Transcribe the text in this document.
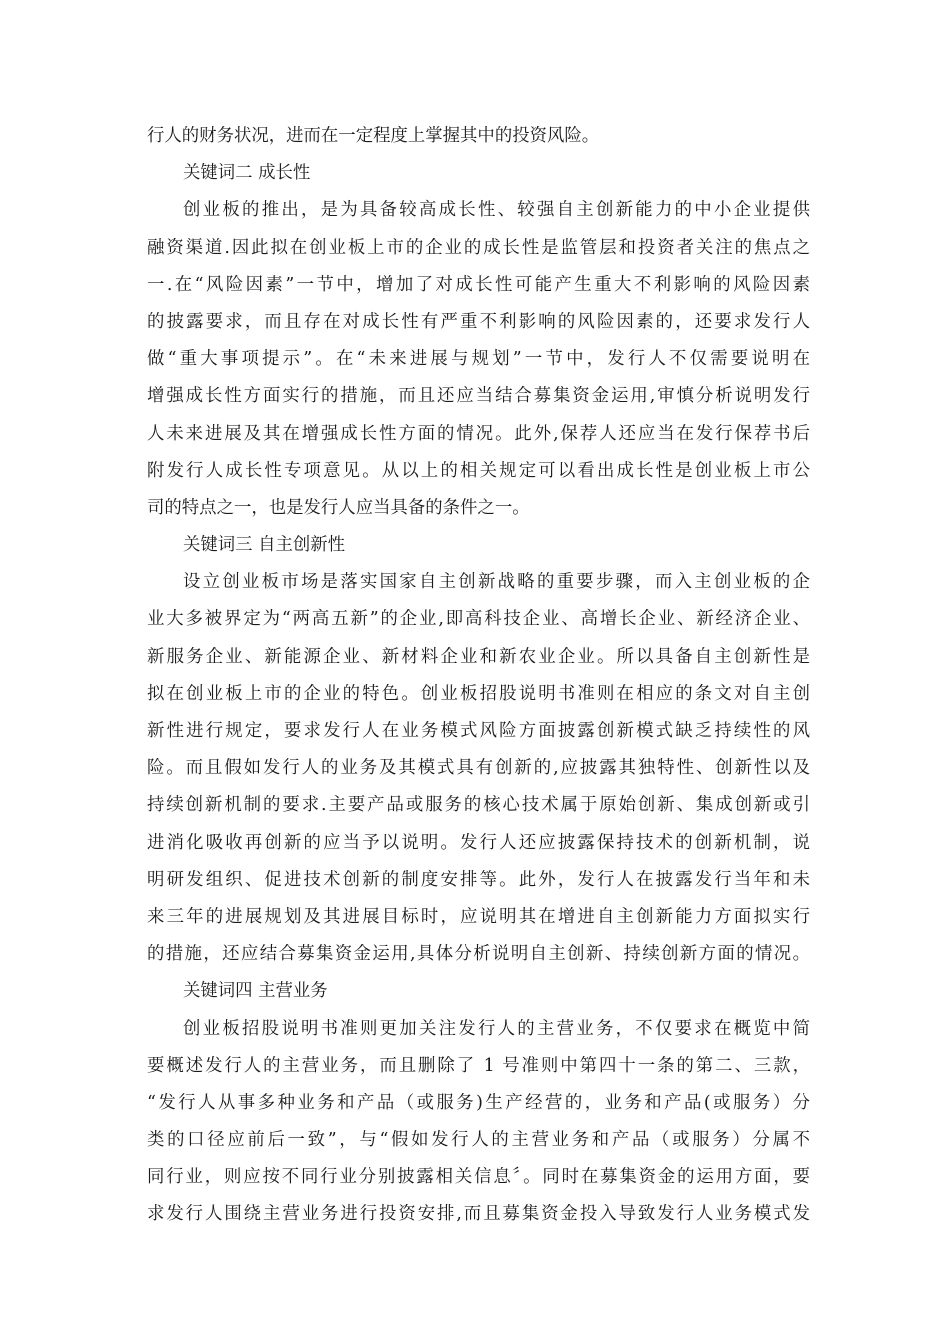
行人的财务状况，进而在一定程度上掌握其中的投资风险。
关键词二 成长性
创业板的推出，是为具备较高成长性、较强自主创新能力的中小企业提供
融资渠道.因此拟在创业板上市的企业的成长性是监管层和投资者关注的焦点之
一.在“风险因素”一节中，增加了对成长性可能产生重大不利影响的风险因素
的披露要求，而且存在对成长性有严重不利影响的风险因素的，还要求发行人
做“重大事项提示”。在“未来进展与规划”一节中，发行人不仅需要说明在
增强成长性方面实行的措施，而且还应当结合募集资金运用,审慎分析说明发行
人未来进展及其在增强成长性方面的情况。此外,保荐人还应当在发行保荐书后
附发行人成长性专项意见。从以上的相关规定可以看出成长性是创业板上市公
司的特点之一，也是发行人应当具备的条件之一。
关键词三 自主创新性
设立创业板市场是落实国家自主创新战略的重要步骤，而入主创业板的企
业大多被界定为“两高五新”的企业,即高科技企业、高增长企业、新经济企业、
新服务企业、新能源企业、新材料企业和新农业企业。所以具备自主创新性是
拟在创业板上市的企业的特色。创业板招股说明书准则在相应的条文对自主创
新性进行规定，要求发行人在业务模式风险方面披露创新模式缺乏持续性的风
险。而且假如发行人的业务及其模式具有创新的,应披露其独特性、创新性以及
持续创新机制的要求.主要产品或服务的核心技术属于原始创新、集成创新或引
进消化吸收再创新的应当予以说明。发行人还应披露保持技术的创新机制，说
明研发组织、促进技术创新的制度安排等。此外，发行人在披露发行当年和未
来三年的进展规划及其进展目标时，应说明其在增进自主创新能力方面拟实行
的措施，还应结合募集资金运用,具体分析说明自主创新、持续创新方面的情况。
关键词四 主营业务
创业板招股说明书准则更加关注发行人的主营业务，不仅要求在概览中简
要概述发行人的主营业务，而且删除了 1 号准则中第四十一条的第二、三款，
“发行人从事多种业务和产品（或服务)生产经营的，业务和产品(或服务）分
类的口径应前后一致”，与“假如发行人的主营业务和产品（或服务）分属不
同行业，则应按不同行业分别披露相关信息〞。同时在募集资金的运用方面，要
求发行人围绕主营业务进行投资安排,而且募集资金投入导致发行人业务模式发
